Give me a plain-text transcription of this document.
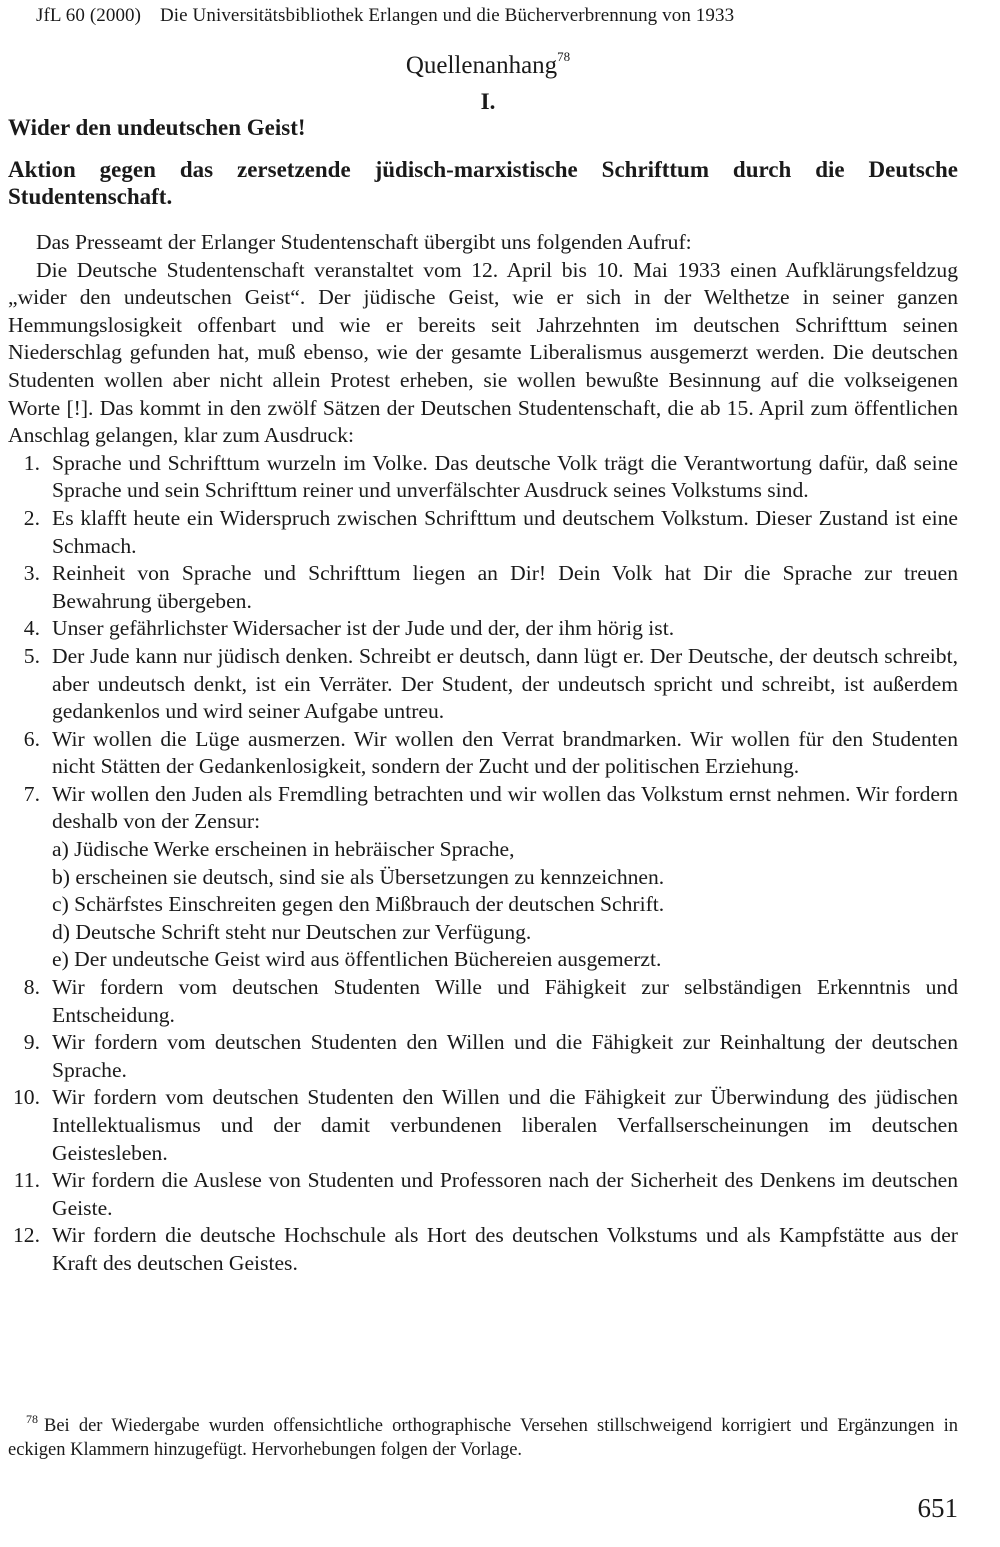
JfL 60 (2000) Die Universitätsbibliothek Erlangen und die Bücherverbrennung von 1933
Quellenanhang$^{78}$
I.
Wider den undeutschen Geist!
Aktion gegen das zersetzende jüdisch-marxistische Schrifttum durch die Deutsche Studentenschaft.

Das Presseamt der Erlanger Studentenschaft übergibt uns folgenden Aufruf:

Die Deutsche Studentenschaft veranstaltet vom 12. April bis 10. Mai 1933 einen Aufklärungsfeldzug „wider den undeutschen Geist“. Der jüdische Geist, wie er sich in der Welthetze in seiner ganzen Hemmungslosigkeit offenbart und wie er bereits seit Jahrzehnten im deutschen Schrifttum seinen Niederschlag gefunden hat, muß ebenso, wie der gesamte Liberalismus ausgemerzt werden. Die deutschen Studenten wollen aber nicht allein Protest erheben, sie wollen bewußte Besinnung auf die volkseigenen Worte [!]. Das kommt in den zwölf Sätzen der Deutschen Studentenschaft, die ab 15. April zum öffentlichen Anschlag gelangen, klar zum Ausdruck:

1. Sprache und Schrifttum wurzeln im Volke. Das deutsche Volk trägt die Verantwortung dafür, daß seine Sprache und sein Schrifttum reiner und unverfälschter Ausdruck seines Volkstums sind.
2. Es klafft heute ein Widerspruch zwischen Schrifttum und deutschem Volkstum. Dieser Zustand ist eine Schmach.
3. Reinheit von Sprache und Schrifttum liegen an Dir! Dein Volk hat Dir die Sprache zur treuen Bewahrung übergeben.
4. Unser gefährlichster Widersacher ist der Jude und der, der ihm hörig ist.
5. Der Jude kann nur jüdisch denken. Schreibt er deutsch, dann lügt er. Der Deutsche, der deutsch schreibt, aber undeutsch denkt, ist ein Verräter. Der Student, der undeutsch spricht und schreibt, ist außerdem gedankenlos und wird seiner Aufgabe untreu.
6. Wir wollen die Lüge ausmerzen. Wir wollen den Verrat brandmarken. Wir wollen für den Studenten nicht Stätten der Gedankenlosigkeit, sondern der Zucht und der politischen Erziehung.
7. Wir wollen den Juden als Fremdling betrachten und wir wollen das Volkstum ernst nehmen. Wir fordern deshalb von der Zensur:
a) Jüdische Werke erscheinen in hebräischer Sprache,
b) erscheinen sie deutsch, sind sie als Übersetzungen zu kennzeichnen.
c) Schärfstes Einschreiten gegen den Mißbrauch der deutschen Schrift.
d) Deutsche Schrift steht nur Deutschen zur Verfügung.
e) Der undeutsche Geist wird aus öffentlichen Büchereien ausgemerzt.
8. Wir fordern vom deutschen Studenten Wille und Fähigkeit zur selbständigen Erkenntnis und Entscheidung.
9. Wir fordern vom deutschen Studenten den Willen und die Fähigkeit zur Reinhaltung der deutschen Sprache.
10. Wir fordern vom deutschen Studenten den Willen und die Fähigkeit zur Überwindung des jüdischen Intellektualismus und der damit verbundenen liberalen Verfallserscheinungen im deutschen Geistesleben.
11. Wir fordern die Auslese von Studenten und Professoren nach der Sicherheit des Denkens im deutschen Geiste.
12. Wir fordern die deutsche Hochschule als Hort des deutschen Volkstums und als Kampfstätte aus der Kraft des deutschen Geistes.
$^{78}$ Bei der Wiedergabe wurden offensichtliche orthographische Versehen stillschweigend korrigiert und Ergänzungen in eckigen Klammern hinzugefügt. Hervorhebungen folgen der Vorlage.
651
